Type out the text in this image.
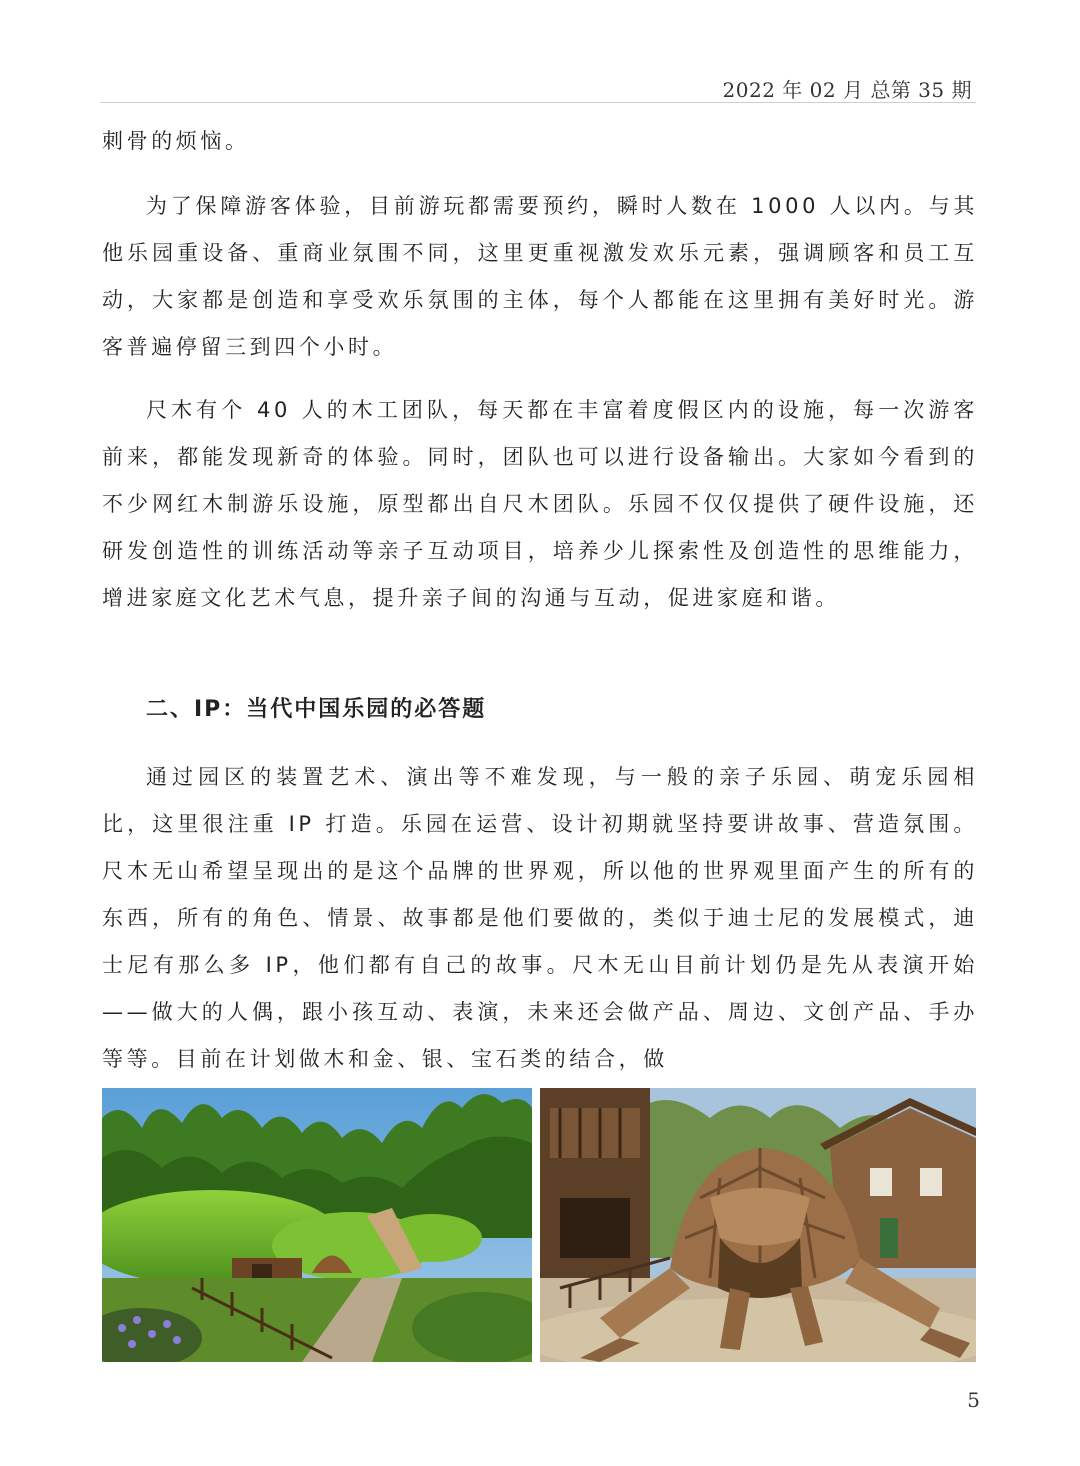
2022 年 02 月 总第 35 期

刺骨的烦恼。

为了保障游客体验，目前游玩都需要预约，瞬时人数在 1000 人以内。与其他乐园重设备、重商业氛围不同，这里更重视激发欢乐元素，强调顾客和员工互动，大家都是创造和享受欢乐氛围的主体，每个人都能在这里拥有美好时光。游客普遍停留三到四个小时。

尺木有个 40 人的木工团队，每天都在丰富着度假区内的设施，每一次游客前来，都能发现新奇的体验。同时，团队也可以进行设备输出。大家如今看到的不少网红木制游乐设施，原型都出自尺木团队。乐园不仅仅提供了硬件设施，还研发创造性的训练活动等亲子互动项目，培养少儿探索性及创造性的思维能力，增进家庭文化艺术气息，提升亲子间的沟通与互动，促进家庭和谐。

二、IP：当代中国乐园的必答题

通过园区的装置艺术、演出等不难发现，与一般的亲子乐园、萌宠乐园相比，这里很注重 IP 打造。乐园在运营、设计初期就坚持要讲故事、营造氛围。尺木无山希望呈现出的是这个品牌的世界观，所以他的世界观里面产生的所有的东西，所有的角色、情景、故事都是他们要做的，类似于迪士尼的发展模式，迪士尼有那么多 IP，他们都有自己的故事。尺木无山目前计划仍是先从表演开始——做大的人偶，跟小孩互动、表演，未来还会做产品、周边、文创产品、手办等等。目前在计划做木和金、银、宝石类的结合，做

5
